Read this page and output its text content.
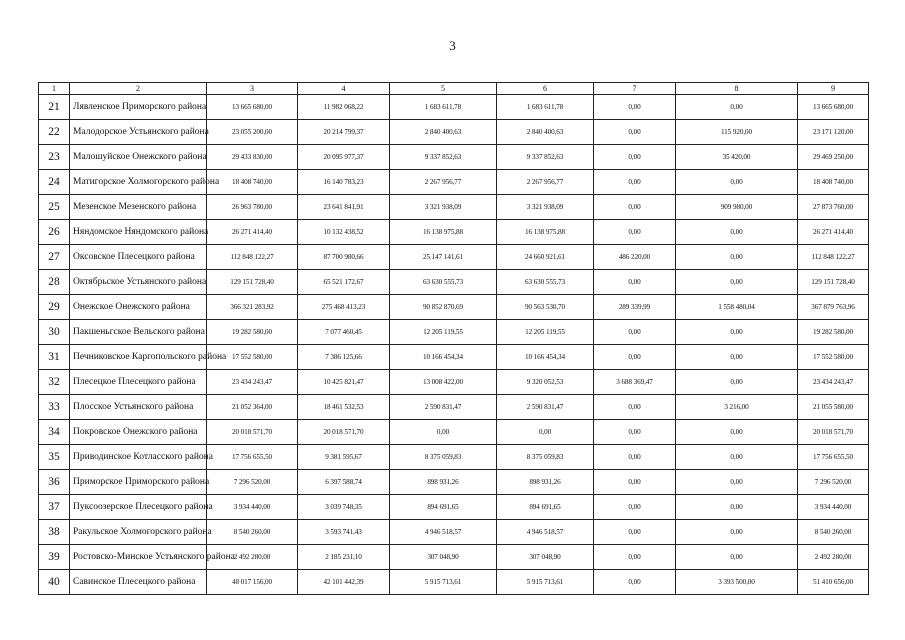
3
1	2	3	4	5	6	7	8	9
21	Лявленское Приморского района	13 665 680,00	11 982 068,22	1 683 611,78	1 683 611,78	0,00	0,00	13 665 680,00
22	Малодорское Устьянского района	23 055 200,00	20 214 799,37	2 840 400,63	2 840 400,63	0,00	115 920,00	23 171 120,00
23	Малошуйское Онежского района	29 433 830,00	20 095 977,37	9 337 852,63	9 337 852,63	0,00	35 420,00	29 469 250,00
24	Матигорское Холмогорского района	18 408 740,00	16 140 783,23	2 267 956,77	2 267 956,77	0,00	0,00	18 408 740,00
25	Мезенское Мезенского района	26 963 780,00	23 641 841,91	3 321 938,09	3 321 938,09	0,00	909 980,00	27 873 760,00
26	Няндомское Няндомского района	26 271 414,40	10 132 438,52	16 138 975,88	16 138 975,88	0,00	0,00	26 271 414,40
27	Оксовское Плесецкого района	112 848 122,27	87 700 980,66	25 147 141,61	24 660 921,61	486 220,00	0,00	112 848 122,27
28	Октябрьское Устьянского района	129 151 728,40	65 521 172,67	63 630 555,73	63 630 555,73	0,00	0,00	129 151 728,40
29	Онежское Онежского района	366 321 283,92	275 468 413,23	90 852 870,69	90 563 530,70	289 339,99	1 558 480,04	367 879 763,96
30	Пакшеньгское Вельского района	19 282 580,00	7 077 460,45	12 205 119,55	12 205 119,55	0,00	0,00	19 282 580,00
31	Печниковское Каргопольского района	17 552 580,00	7 386 125,66	10 166 454,34	10 166 454,34	0,00	0,00	17 552 580,00
32	Плесецкое Плесецкого района	23 434 243,47	10 425 821,47	13 008 422,00	9 320 052,53	3 688 369,47	0,00	23 434 243,47
33	Плосское Устьянского района	21 052 364,00	18 461 532,53	2 590 831,47	2 590 831,47	0,00	3 216,00	21 055 580,00
34	Покровское Онежского района	20 018 571,70	20 018 571,70	0,00	0,00	0,00	0,00	20 018 571,70
35	Приводинское Котласского района	17 756 655,50	9 381 595,67	8 375 059,83	8 375 059,83	0,00	0,00	17 756 655,50
36	Приморское Приморского района	7 296 520,00	6 397 588,74	898 931,26	898 931,26	0,00	0,00	7 296 520,00
37	Пуксоозерское Плесецкого района	3 934 440,00	3 039 748,35	894 691,65	894 691,65	0,00	0,00	3 934 440,00
38	Ракульское Холмогорского района	8 540 260,00	3 593 741,43	4 946 518,57	4 946 518,57	0,00	0,00	8 540 260,00
39	Ростовско-Минское Устьянского района	2 492 280,00	2 185 231,10	307 048,90	307 048,90	0,00	0,00	2 492 280,00
40	Савинское Плесецкого района	48 017 156,00	42 101 442,39	5 915 713,61	5 915 713,61	0,00	3 393 500,00	51 410 656,00
